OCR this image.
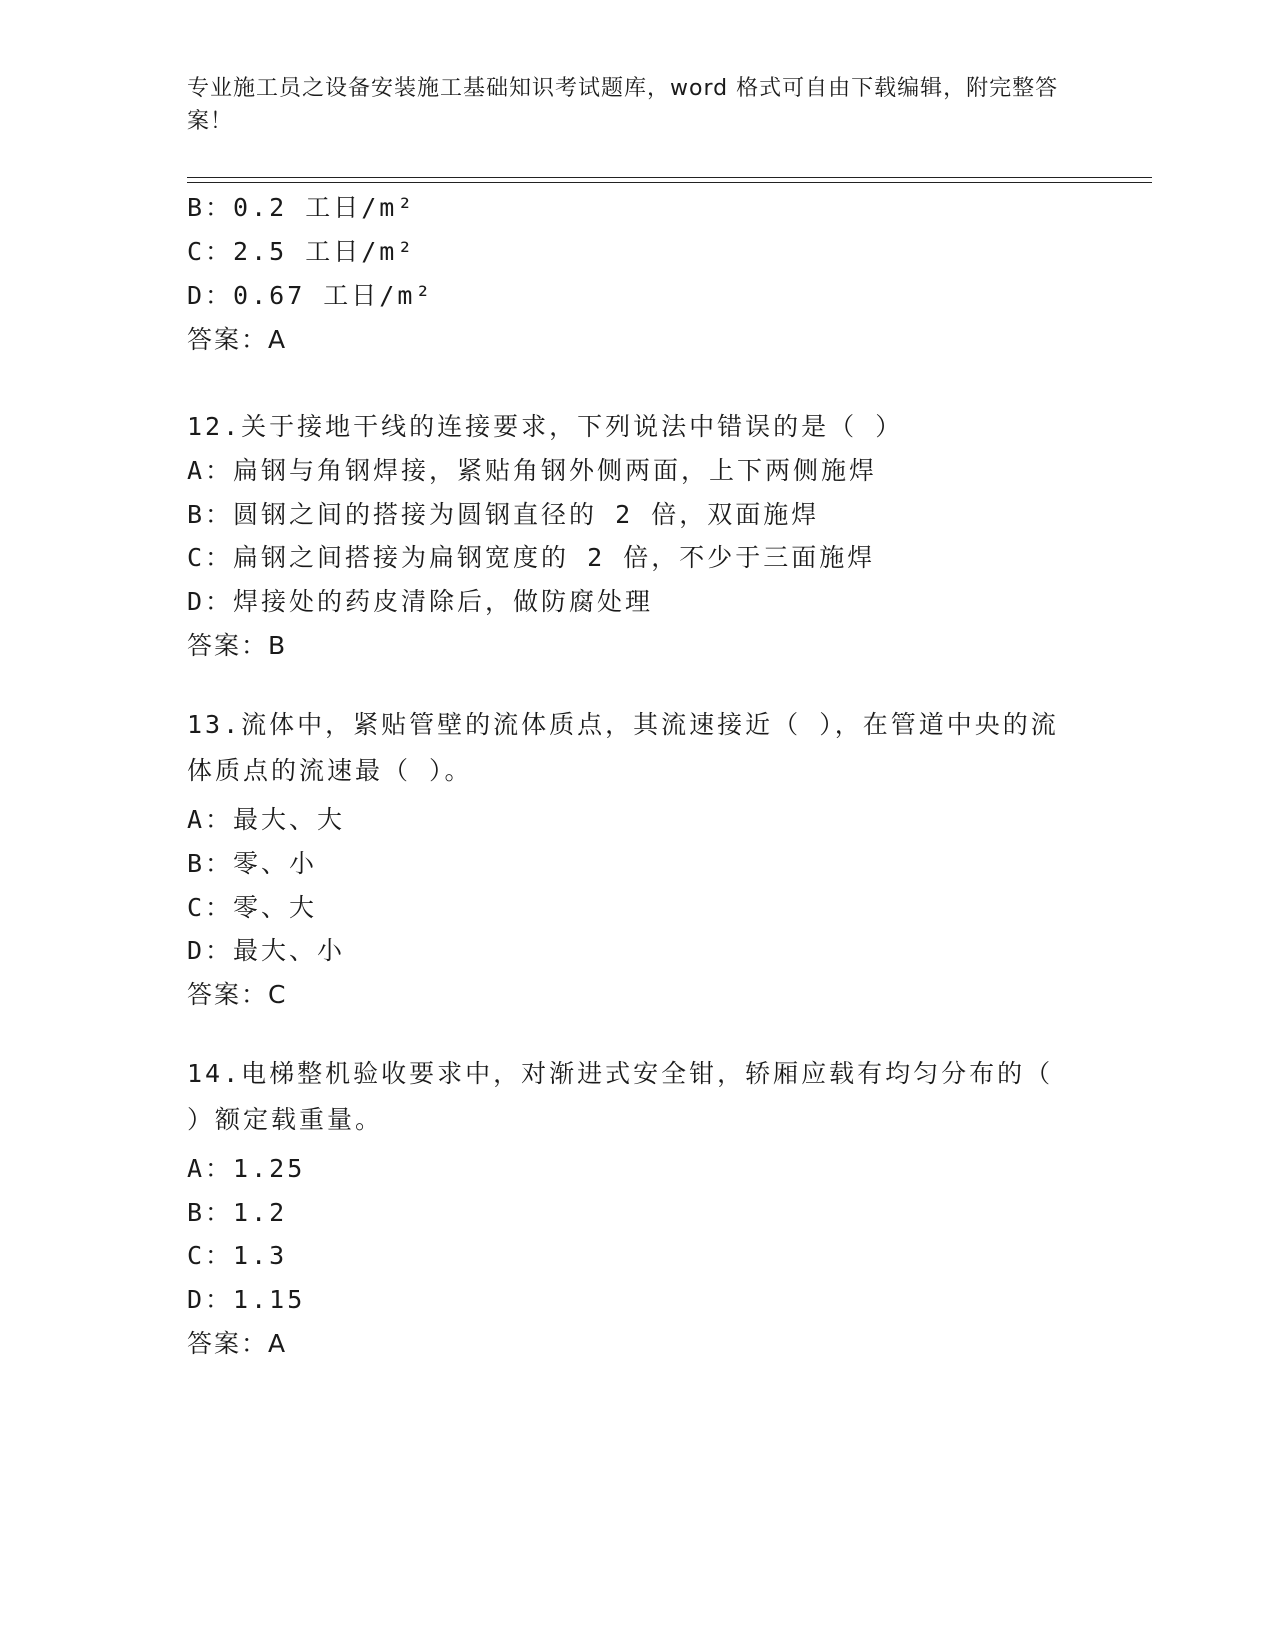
专业施工员之设备安装施工基础知识考试题库，word 格式可自由下载编辑，附完整答案！
B：0.2 工日/m²
C：2.5 工日/m²
D：0.67 工日/m²
答案：A
12.关于接地干线的连接要求，下列说法中错误的是（ ）
A：扁钢与角钢焊接，紧贴角钢外侧两面，上下两侧施焊
B：圆钢之间的搭接为圆钢直径的 2 倍，双面施焊
C：扁钢之间搭接为扁钢宽度的 2 倍，不少于三面施焊
D：焊接处的药皮清除后，做防腐处理
答案：B
13.流体中，紧贴管壁的流体质点，其流速接近（ ），在管道中央的流体质点的流速最（ ）。
A：最大、大
B：零、小
C：零、大
D：最大、小
答案：C
14.电梯整机验收要求中，对渐进式安全钳，轿厢应载有均匀分布的（ ）额定载重量。
A：1.25
B：1.2
C：1.3
D：1.15
答案：A
